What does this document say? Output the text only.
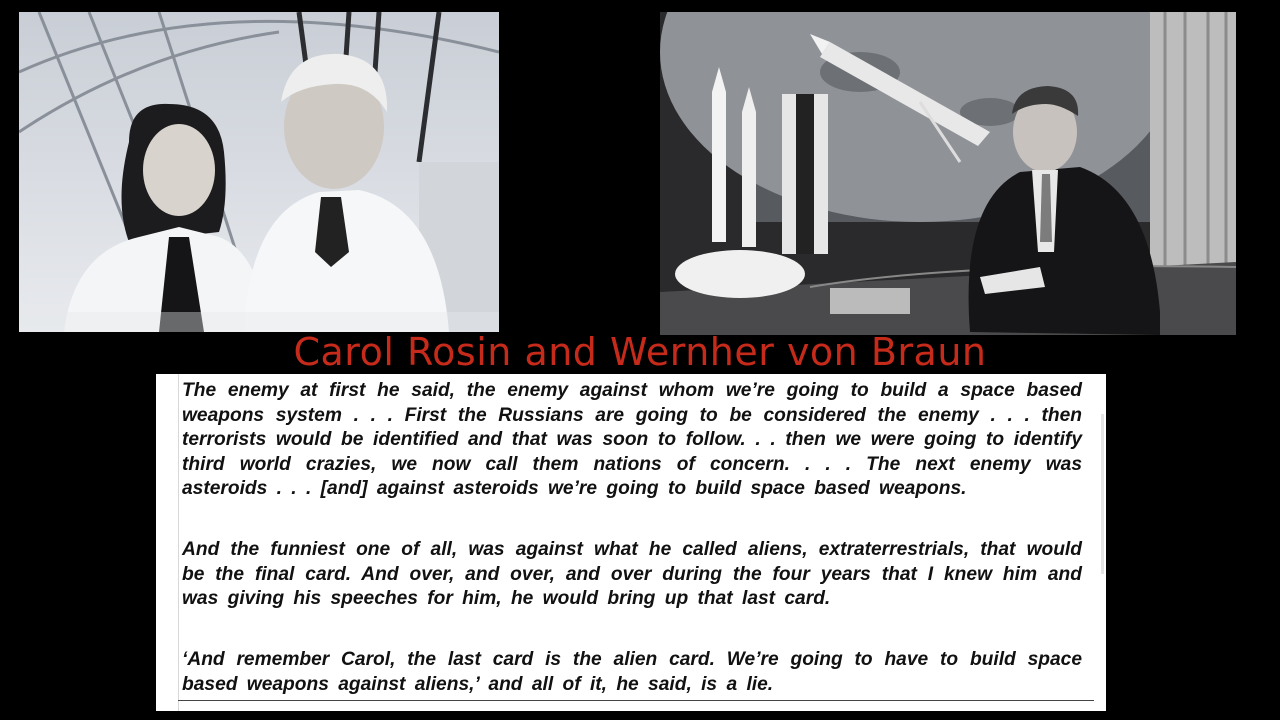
Carol Rosin and Wernher von Braun

The enemy at first he said, the enemy against whom we’re going to build a space based weapons system . . . First the Russians are going to be considered the enemy . . . then terrorists would be identified and that was soon to follow. . . then we were going to identify third world crazies, we now call them nations of concern. . . . The next enemy was asteroids . . . [and] against asteroids we’re going to build space based weapons.

And the funniest one of all, was against what he called aliens, extraterrestrials, that would be the final card. And over, and over, and over during the four years that I knew him and was giving his speeches for him, he would bring up that last card.

‘And remember Carol, the last card is the alien card. We’re going to have to build space based weapons against aliens,’ and all of it, he said, is a lie.
